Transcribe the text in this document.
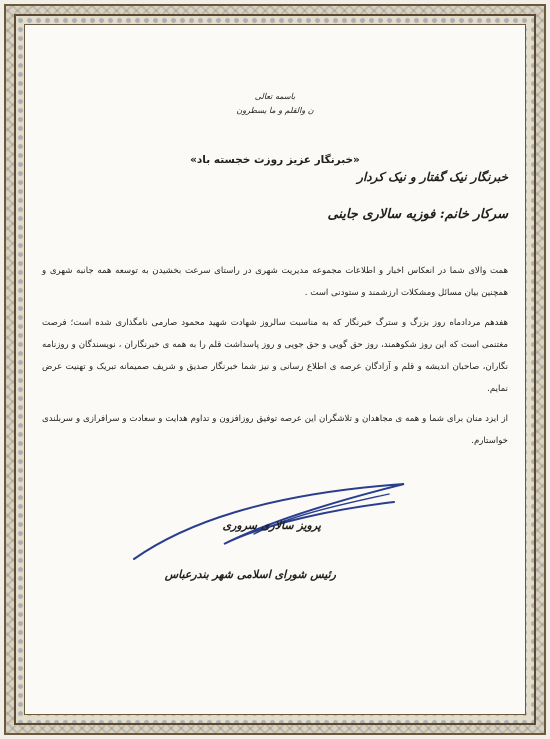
باسمه تعالی
ن والقلم و ما یسطرون
«خبرنگار عزیز روزت خجسته باد»
خبرنگار نیک گفتار و نیک کردار
سرکار خانم: فوزیه سالاری جاینی

همت والای شما در انعکاس اخبار و اطلاعات مجموعه مدیریت شهری در راستای سرعت بخشیدن به توسعه همه جانبه شهری و همچنین بیان مسائل ومشکلات ارزشمند و ستودنی است .

هفدهم مردادماه روز بزرگ و سترگ خبرنگار که به مناسبت سالروز شهادت شهید محمود صارمی نامگذاری شده است؛ فرصت مغتنمی است که این روز شکوهمند، روز حق گویی و حق جویی و روز پاسداشت قلم را به همه ی خبرنگاران ، نویسندگان و روزنامه نگاران، صاحبان اندیشه و قلم و آزادگان عرصه ی اطلاع رسانی و نیز شما خبرنگار صدیق و شریف صمیمانه تبریک و تهنیت عرض نمایم.

از ایزد منان برای شما و همه ی مجاهدان و تلاشگران این عرصه توفیق روزافزون و تداوم هدایت و سعادت و سرافرازی و سربلندی خواستارم.

پرویز سالاری سروری
رئیس شورای اسلامی شهر بندرعباس
